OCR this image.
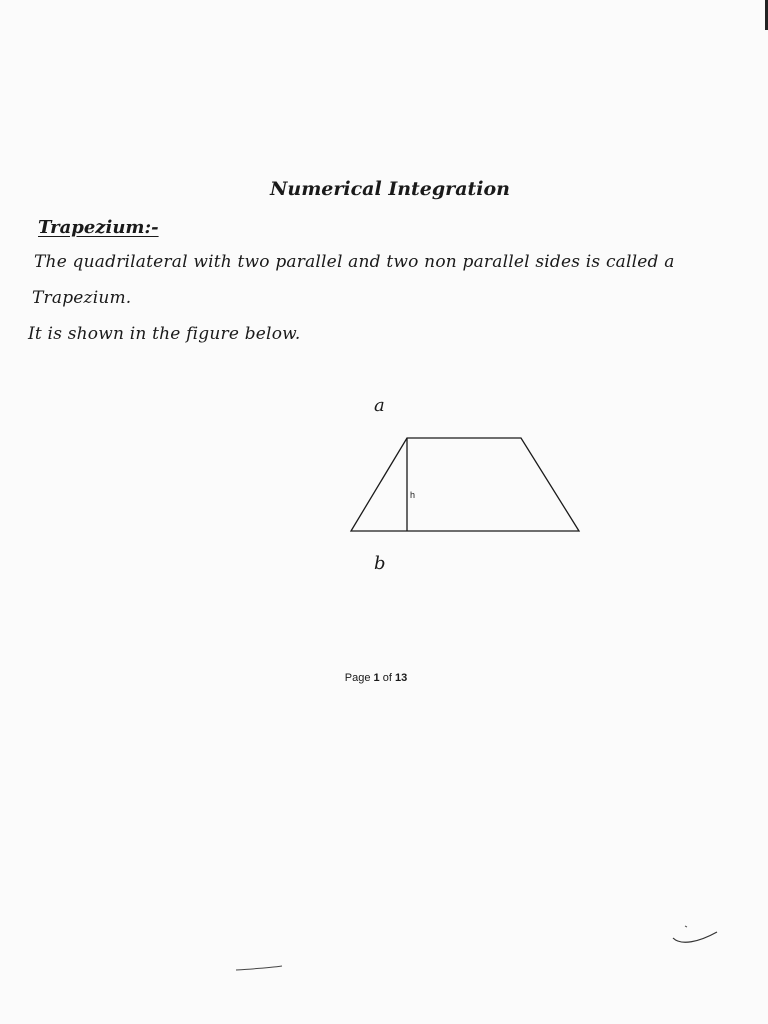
Numerical Integration
Trapezium:-
The quadrilateral with two parallel and two non parallel sides is called a
Trapezium.
It is shown in the figure below.
a
h
b
Page 1 of 13
